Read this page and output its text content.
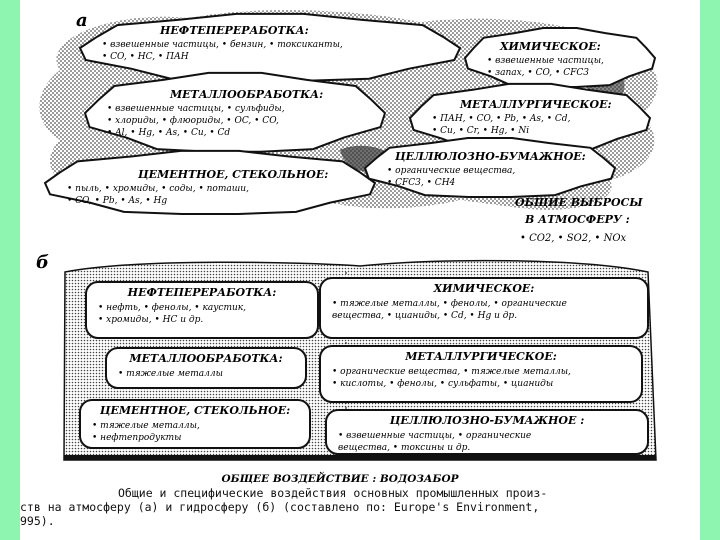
а	НЕФТЕПЕРЕРАБОТКА:
• взвешенные частицы, • бензин, • токсиканты,
• CO, • HC, • ПАН
ХИМИЧЕСКОЕ:
• взвешенные частицы,
• запах, • CO, • CFC3
МЕТАЛЛООБРАБОТКА:
• взвешенные частицы, • сульфиды,
• хлориды, • флюориды, • OC, • CO,
• Al, • Hg, • As, • Cu, • Cd
МЕТАЛЛУРГИЧЕСКОЕ:
• ПАН, • CO, • Pb, • As, • Cd,
• Cu, • Cr, • Hg, • Ni
ЦЕМЕНТНОЕ, СТЕКОЛЬНОЕ:
• пыль, • хромиды, • соды, • поташи,
• CO, • Pb, • As, • Hg
ЦЕЛЛЮЛОЗНО-БУМАЖНОЕ:
• органические вещества,
• CFC3, • CH4
ОБЩИЕ ВЫБРОСЫ
В АТМОСФЕРУ :
• CO2, • SO2, • NOx
б
НЕФТЕПЕРЕРАБОТКА:
• нефть, • фенолы, • каустик,
• хромиды, • HC и др.
ХИМИЧЕСКОЕ:
• тяжелые металлы, • фенолы, • органические
вещества, • цианиды, • Cd, • Hg и др.
МЕТАЛЛООБРАБОТКА:
• тяжелые металлы
МЕТАЛЛУРГИЧЕСКОЕ:
• органические вещества, • тяжелые металлы,
• кислоты, • фенолы, • сульфаты, • цианиды
ЦЕМЕНТНОЕ, СТЕКОЛЬНОЕ:
• тяжелые металлы,
• нефтепродукты
ЦЕЛЛЮЛОЗНО-БУМАЖНОЕ :
• взвешенные частицы, • органические
вещества, • токсины и др.
ОБЩЕЕ ВОЗДЕЙСТВИЕ : ВОДОЗАБОР
Общие и специфические воздействия основных промышленных произ-
ств на атмосферу (а) и гидросферу (б) (составлено по: Europe's Environment,
995).
